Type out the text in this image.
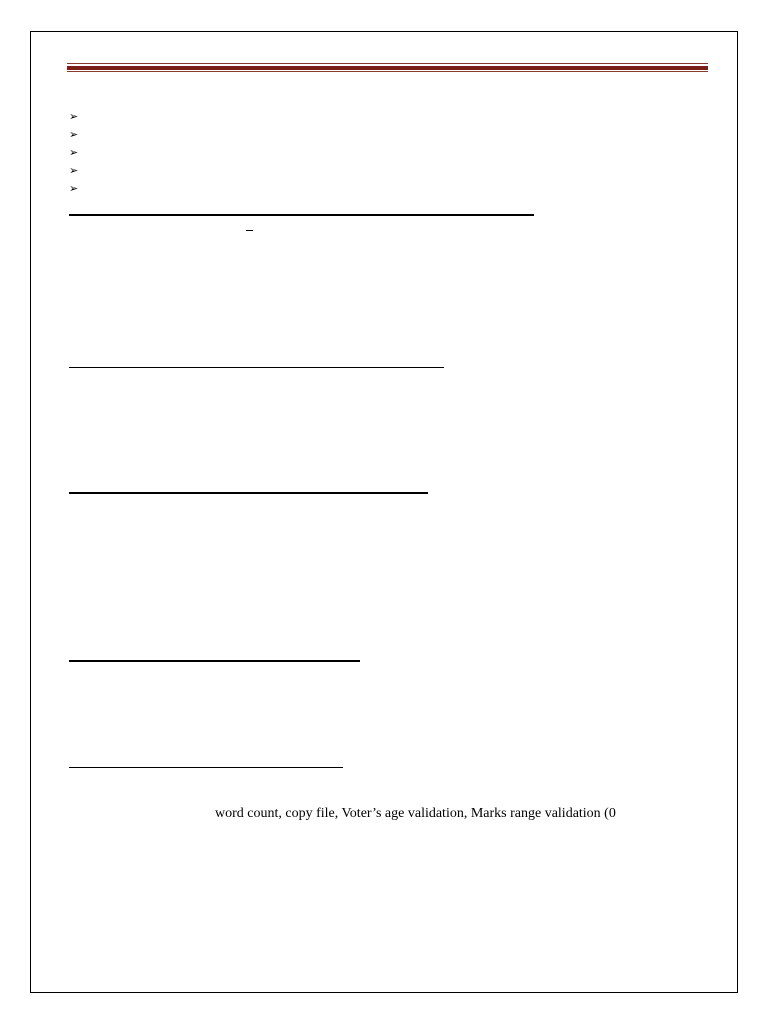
➢
➢
➢
➢
➢
word count, copy file, Voter’s age validation, Marks range validation (0
